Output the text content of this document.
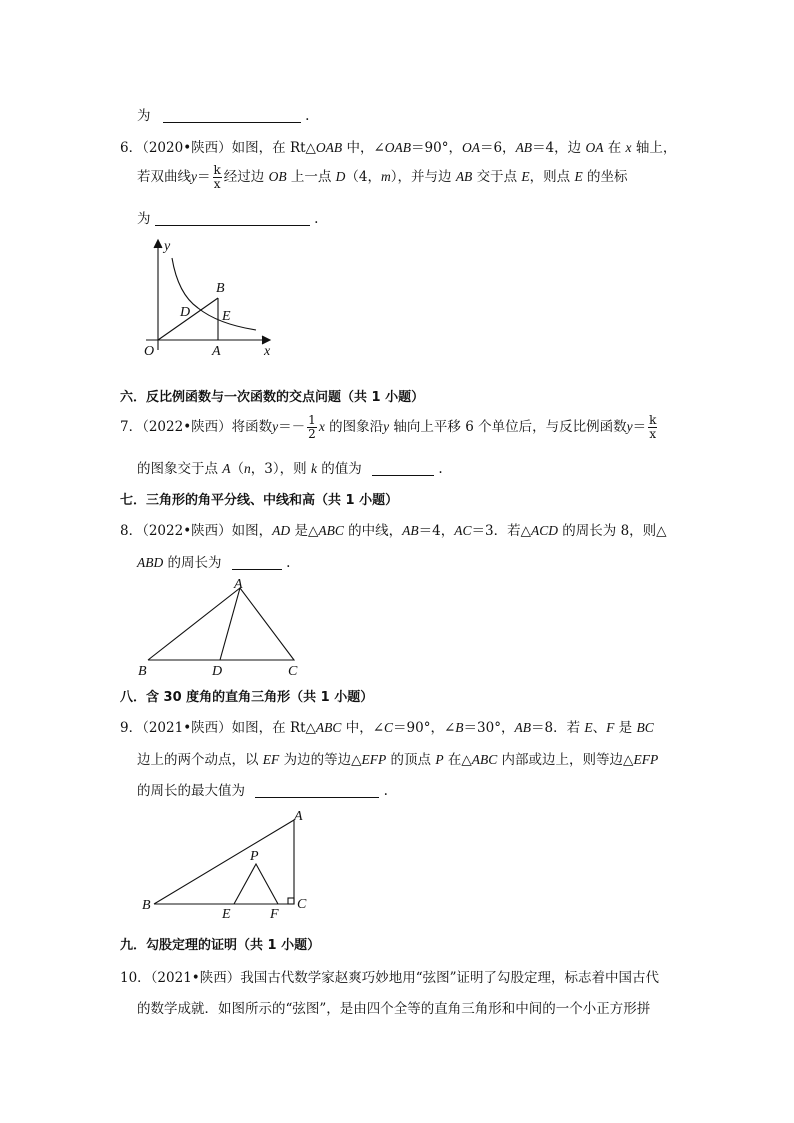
为	.
6．（2020•陕西）如图，在 Rt△OAB 中，∠OAB＝90°，OA＝6，AB＝4，边 OA 在 x 轴上，
若双曲线$y= \frac{k}{x}$ 经过边 OB 上一点 D（4，m），并与边 AB 交于点 E，则点 E 的坐标
为	.
y
x
O	A
B
D E
六．反比例函数与一次函数的交点问题（共 1 小题）
7．（2022•陕西）将函数$y=- \frac{1}{2}$ x 的图象沿y 轴向上平移 6 个单位后，与反比例函数$y= \frac{k}{x}$
的图象交于点 A（n，3），则 k 的值为	.
七．三角形的角平分线、中线和高（共 1 小题）
8．（2022•陕西）如图，AD 是△ABC 的中线，AB＝4，AC＝3．若△ACD 的周长为 8，则△
ABD 的周长为	.
A
B	D	C
八．含 30 度角的直角三角形（共 1 小题）
9．（2021•陕西）如图，在 Rt△ABC 中，∠C＝90°，∠B＝30°，AB＝8．若 E、F 是 BC
边上的两个动点，以 EF 为边的等边△EFP 的顶点 P 在△ABC 内部或边上，则等边△EFP
的周长的最大值为	.
A
B	C
E	F
P
九．勾股定理的证明（共 1 小题）
10．（2021•陕西）我国古代数学家赵爽巧妙地用“弦图”证明了勾股定理，标志着中国古代
的数学成就．如图所示的“弦图”，是由四个全等的直角三角形和中间的一个小正方形拼
